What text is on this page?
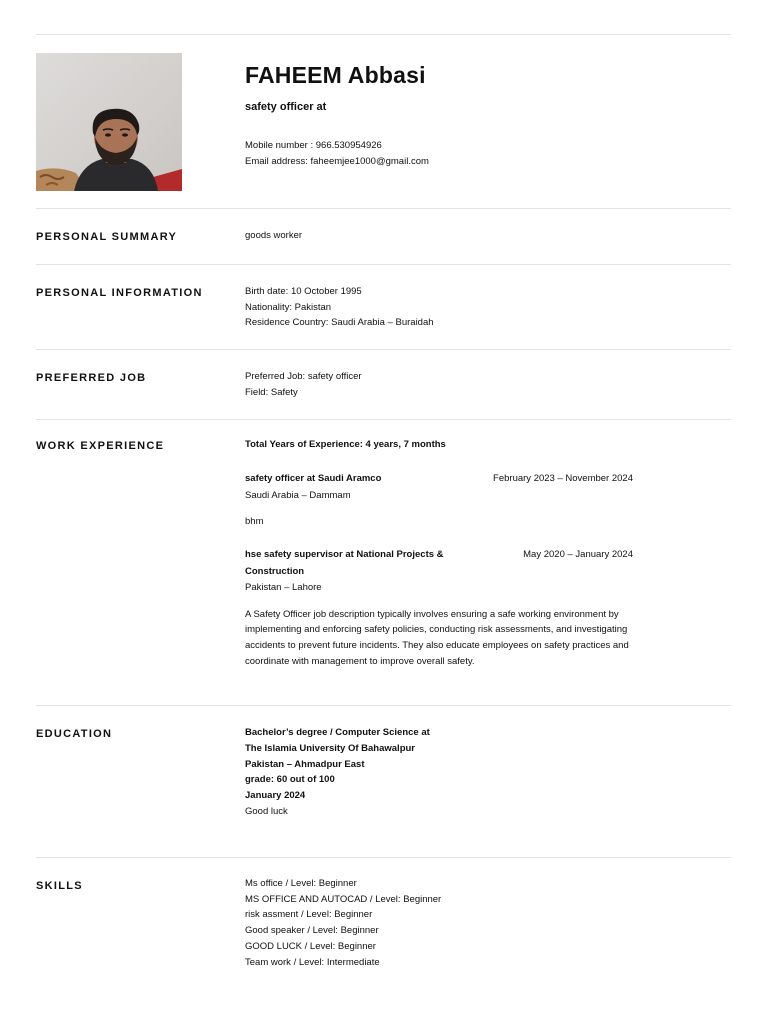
FAHEEM Abbasi
safety officer at
Mobile number : 966.530954926
Email address: faheemjee1000@gmail.com
PERSONAL SUMMARY	goods worker
PERSONAL INFORMATION	Birth date: 10 October 1995
Nationality: Pakistan
Residence Country: Saudi Arabia – Buraidah
PREFERRED JOB	Preferred Job: safety officer
Field: Safety
WORK EXPERIENCE	Total Years of Experience: 4 years, 7 months
safety officer at Saudi Aramco	February 2023 – November 2024
Saudi Arabia – Dammam
bhm
hse safety supervisor at National Projects & Construction
May 2020 – January 2024
Pakistan – Lahore
A Safety Officer job description typically involves ensuring a safe working environment by implementing and enforcing safety policies, conducting risk assessments, and investigating accidents to prevent future incidents. They also educate employees on safety practices and coordinate with management to improve overall safety.
EDUCATION	Bachelor’s degree / Computer Science at
The Islamia University Of Bahawalpur
Pakistan – Ahmadpur East
grade: 60 out of 100
January 2024
Good luck
SKILLS	Ms office / Level: Beginner
MS OFFICE AND AUTOCAD / Level: Beginner
risk assment / Level: Beginner
Good speaker / Level: Beginner
GOOD LUCK / Level: Beginner
Team work / Level: Intermediate
